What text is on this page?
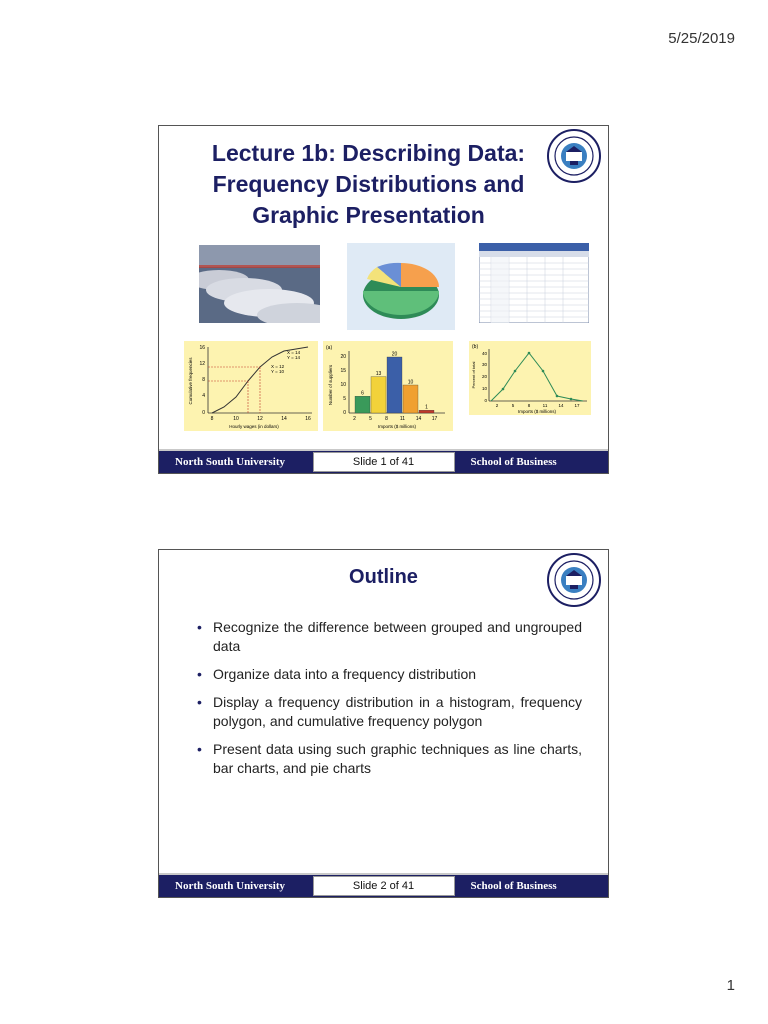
5/25/2019
Lecture 1b: Describing Data: Frequency Distributions and Graphic Presentation
16
12
8
4
0
8	10	12	14	16
Hourly wages (in dollars)
Cumulative frequencies
X = 14
Y = 14
X = 12
Y = 10
(a)
20
15
10
5
0
Number of suppliers
Imports ($ millions)
6
13
20
10
1
2	5	8 11 14 17
(b)
40
30
20
10
0
Percent of total
Imports ($ millions)
2	5	8	11 14 17
North South University	Slide 1 of 41	School of Business
Outline
• Recognize the difference between grouped and ungrouped data
• Organize data into a frequency distribution
• Display a frequency distribution in a histogram, frequency polygon, and cumulative frequency polygon
• Present data using such graphic techniques as line charts, bar charts, and pie charts
North South University	Slide 2 of 41	School of Business
1
